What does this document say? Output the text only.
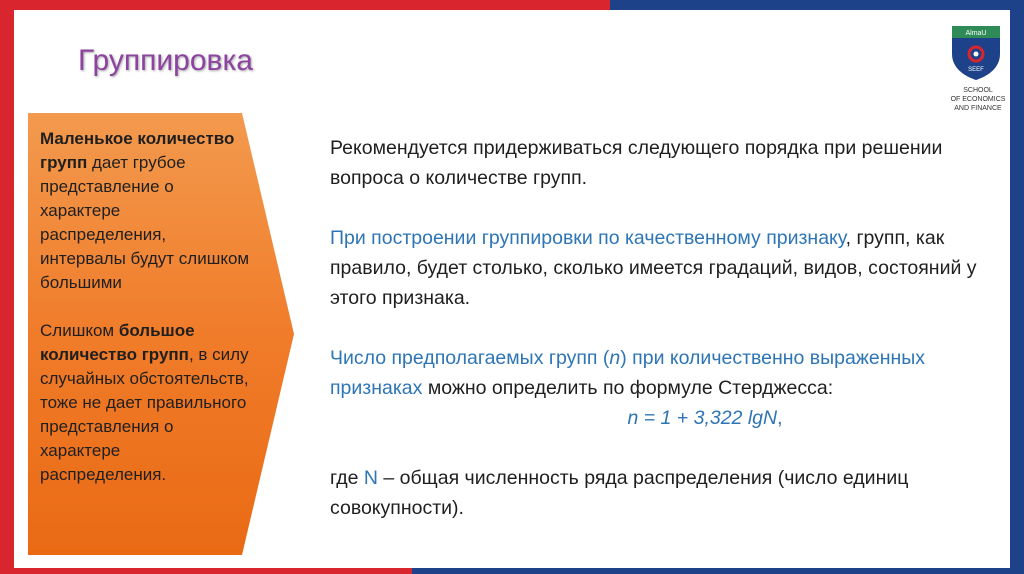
Группировка
AlmaU
SEEF
SCHOOL
OF ECONOMICS
AND FINANCE

Маленькое количество групп дает грубое представление о характере распределения, интервалы будут слишком большими

Слишком большое количество групп, в силу случайных обстоятельств, тоже не дает правильного представления о характере распределения.

Рекомендуется придерживаться следующего порядка при решении вопроса о количестве групп.

При построении группировки по качественному признаку, групп, как правило, будет столько, сколько имеется градаций, видов, состояний у этого признака.

Число предполагаемых групп (n) при количественно выраженных признаках можно определить по формуле Стерджесса:

n = 1 + 3,322 lgN,

где N – общая численность ряда распределения (число единиц совокупности).
